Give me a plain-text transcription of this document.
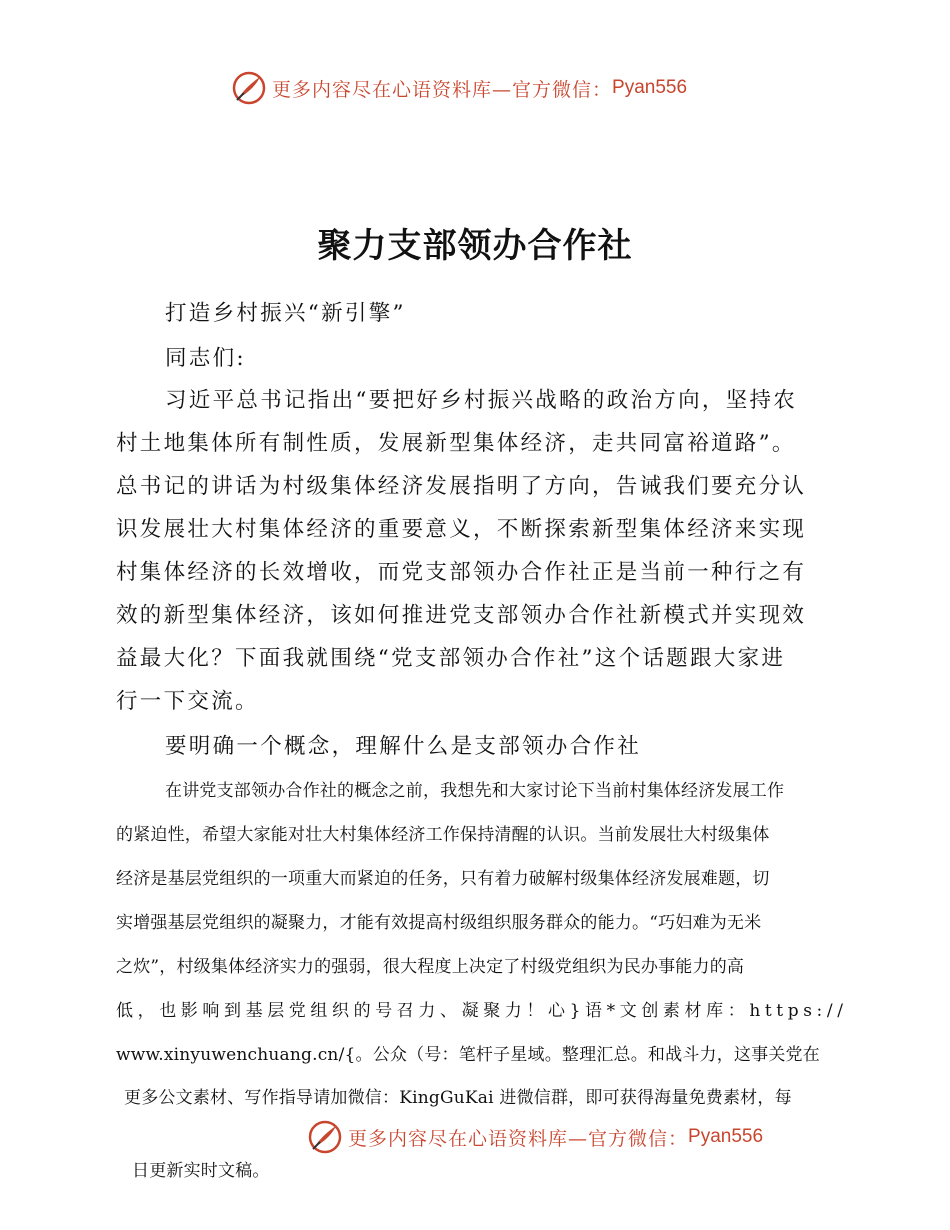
更多内容尽在心语资料库—官方微信： Pyan556
聚力支部领办合作社
打造乡村振兴“新引擎”
同志们:
习近平总书记指出“要把好乡村振兴战略的政治方向，坚持农
村土地集体所有制性质，发展新型集体经济，走共同富裕道路”。
总书记的讲话为村级集体经济发展指明了方向，告诫我们要充分认
识发展壮大村集体经济的重要意义，不断探索新型集体经济来实现
村集体经济的长效增收，而党支部领办合作社正是当前一种行之有
效的新型集体经济，该如何推进党支部领办合作社新模式并实现效
益最大化？下面我就围绕“党支部领办合作社”这个话题跟大家进
行一下交流。
要明确一个概念，理解什么是支部领办合作社
在讲党支部领办合作社的概念之前，我想先和大家讨论下当前村集体经济发展工作
的紧迫性，希望大家能对壮大村集体经济工作保持清醒的认识。当前发展壮大村级集体
经济是基层党组织的一项重大而紧迫的任务，只有着力破解村级集体经济发展难题，切
实增强基层党组织的凝聚力，才能有效提高村级组织服务群众的能力。“巧妇难为无米
之炊”，村级集体经济实力的强弱，很大程度上决定了村级党组织为民办事能力的高
低，也影响到基层党组织的号召力、凝聚力！心}语*文创素材库：https://
www.xinyuwenchuang.cn/{。公众（号：笔杆子星域。整理汇总。和战斗力，这事关党在
更多公文素材、写作指导请加微信：KingGuKai 进微信群，即可获得海量免费素材，每
更多内容尽在心语资料库—官方微信： Pyan556
日更新实时文稿。
